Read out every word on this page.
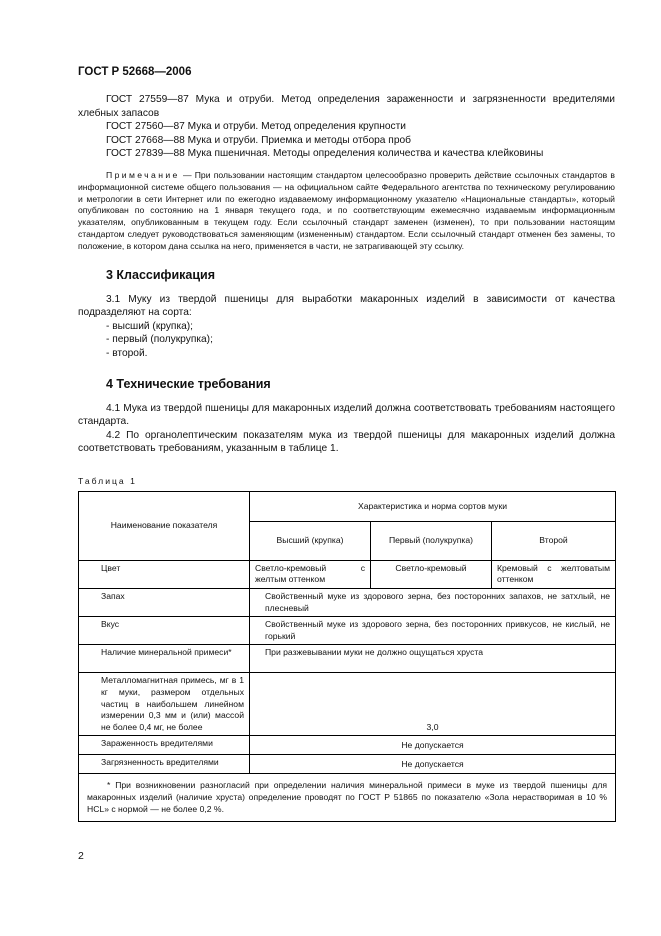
ГОСТ Р 52668—2006

ГОСТ 27559—87 Мука и отруби. Метод определения зараженности и загрязненности вредителями хлебных запасов

ГОСТ 27560—87 Мука и отруби. Метод определения крупности

ГОСТ 27668—88 Мука и отруби. Приемка и методы отбора проб

ГОСТ 27839—88 Мука пшеничная. Методы определения количества и качества клейковины

Примечание — При пользовании настоящим стандартом целесообразно проверить действие ссылочных стандартов в информационной системе общего пользования — на официальном сайте Федерального агентства по техническому регулированию и метрологии в сети Интернет или по ежегодно издаваемому информационному указателю «Национальные стандарты», который опубликован по состоянию на 1 января текущего года, и по соответствующим ежемесячно издаваемым информационным указателям, опубликованным в текущем году. Если ссылочный стандарт заменен (изменен), то при пользовании настоящим стандартом следует руководствоваться заменяющим (измененным) стандартом. Если ссылочный стандарт отменен без замены, то положение, в котором дана ссылка на него, применяется в части, не затрагивающей эту ссылку.

3 Классификация

3.1 Муку из твердой пшеницы для выработки макаронных изделий в зависимости от качества подразделяют на сорта:

- высший (крупка);
- первый (полукрупка);
- второй.
4 Технические требования

4.1 Мука из твердой пшеницы для макаронных изделий должна соответствовать требованиям настоящего стандарта.

4.2 По органолептическим показателям мука из твердой пшеницы для макаронных изделий должна соответствовать требованиям, указанным в таблице 1.

Таблица 1
Наименование показателя	Характеристика и норма сортов муки		
	Высший (крупка)	Первый (полукрупка)	Второй
Цвет	Светло-кремовый с желтым оттенком	Светло-кремовый	Кремовый с желтоватым оттенком
Запах	Свойственный муке из здорового зерна, без посторонних запахов, не затхлый, не плесневый		
Вкус	Свойственный муке из здорового зерна, без посторонних привкусов, не кислый, не горький		
Наличие минеральной примеси*	При разжевывании муки не должно ощущаться хруста		
Металломагнитная примесь, мг в 1 кг муки, размером отдельных частиц в наибольшем линейном измерении 0,3 мм и (или) массой не более 0,4 мг, не более	3,0		
Зараженность вредителями	Не допускается		
Загрязненность вредителями	Не допускается		
* При возникновении разногласий при определении наличия минеральной примеси в муке из твердой пшеницы для макаронных изделий (наличие хруста) определение проводят по ГОСТ Р 51865 по показателю «Зола нерастворимая в 10 % HCL» с нормой — не более 0,2 %.			
2
